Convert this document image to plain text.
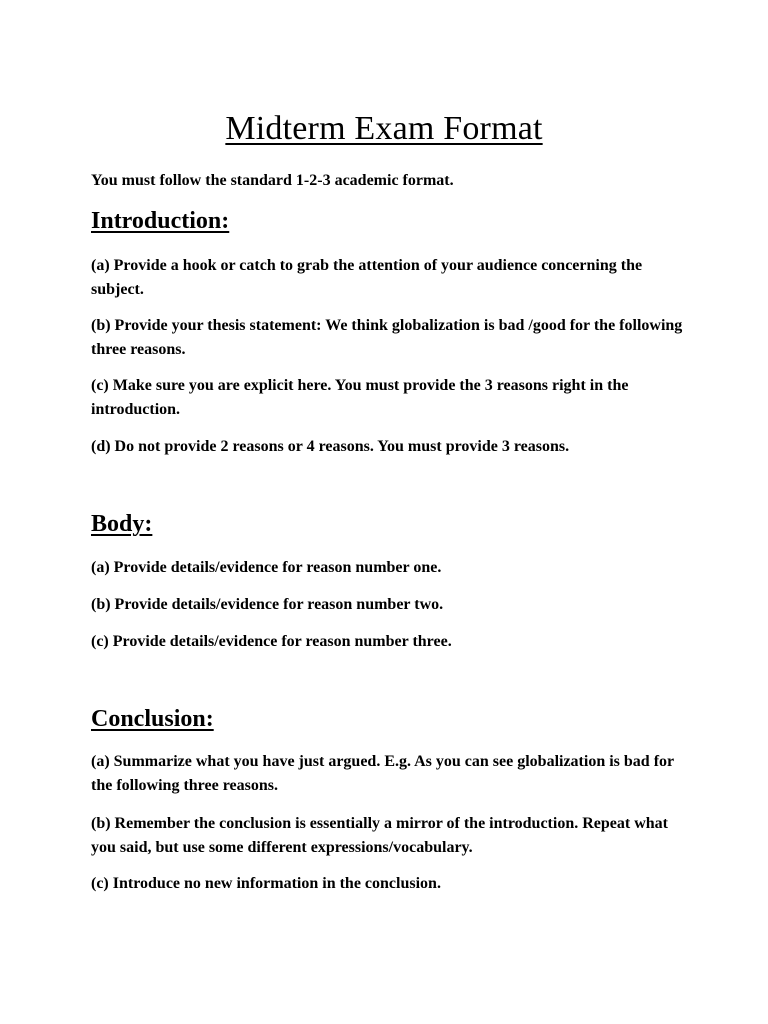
Midterm Exam Format

You must follow the standard 1-2-3 academic format.

Introduction:

(a) Provide a hook or catch to grab the attention of your audience concerning the subject.

(b) Provide your thesis statement: We think globalization is bad /good for the following three reasons.

(c) Make sure you are explicit here. You must provide the 3 reasons right in the introduction.

(d) Do not provide 2 reasons or 4 reasons. You must provide 3 reasons.

Body:

(a) Provide details/evidence for reason number one.

(b) Provide details/evidence for reason number two.

(c) Provide details/evidence for reason number three.

Conclusion:

(a) Summarize what you have just argued. E.g. As you can see globalization is bad for the following three reasons.

(b) Remember the conclusion is essentially a mirror of the introduction. Repeat what you said, but use some different expressions/vocabulary.

(c) Introduce no new information in the conclusion.
